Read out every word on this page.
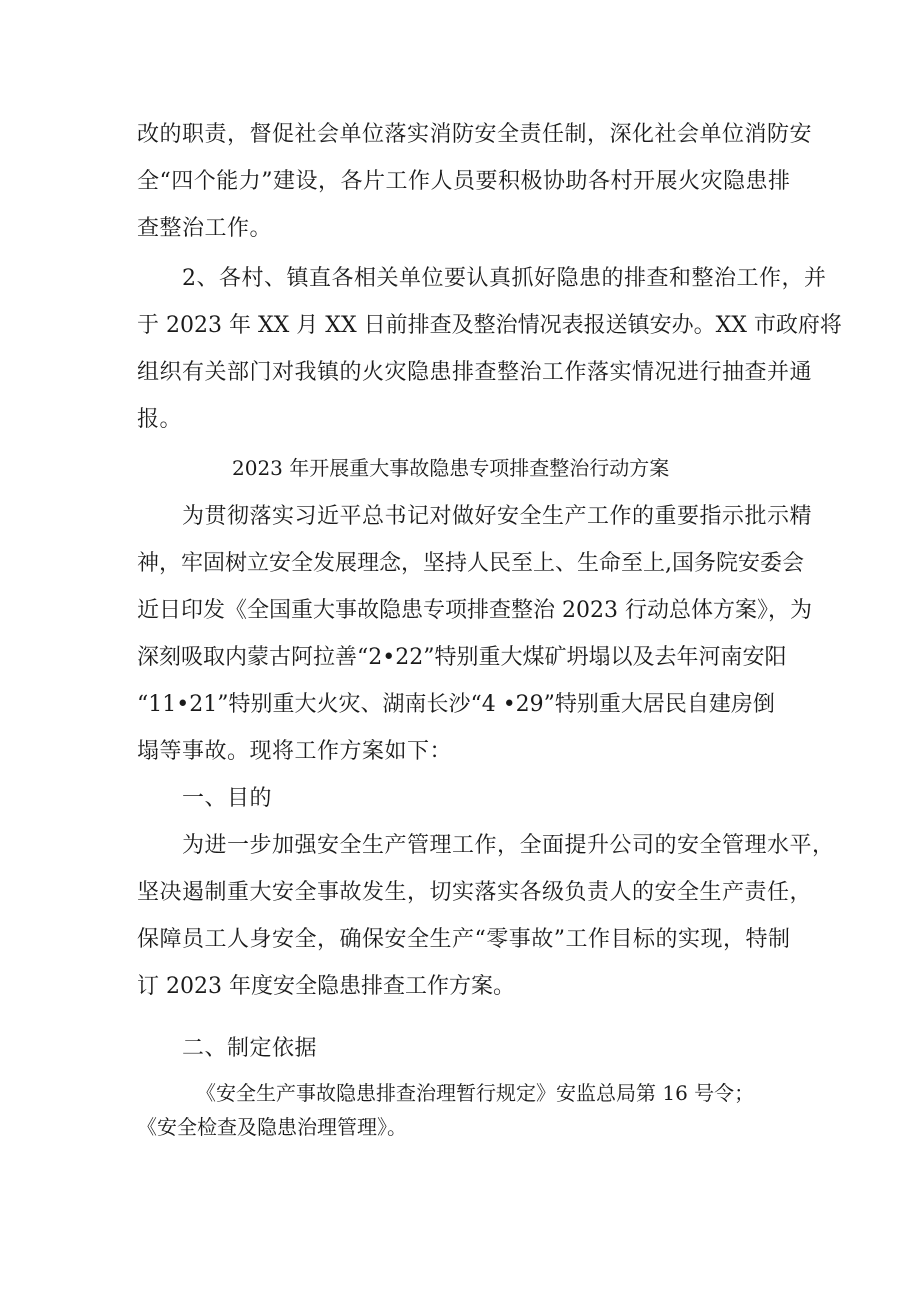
改的职责，督促社会单位落实消防安全责任制，深化社会单位消防安
全“四个能力”建设，各片工作人员要积极协助各村开展火灾隐患排
查整治工作。
2、各村、镇直各相关单位要认真抓好隐患的排查和整治工作，并
于 2023 年 XX 月 XX 日前排查及整治情况表报送镇安办。XX 市政府将
组织有关部门对我镇的火灾隐患排查整治工作落实情况进行抽查并通
报。
2023 年开展重大事故隐患专项排查整治行动方案
为贯彻落实习近平总书记对做好安全生产工作的重要指示批示精
神，牢固树立安全发展理念，坚持人民至上、生命至上,国务院安委会
近日印发《全国重大事故隐患专项排查整治 2023 行动总体方案》，为
深刻吸取内蒙古阿拉善“2•22”特别重大煤矿坍塌以及去年河南安阳
“11•21”特别重大火灾、湖南长沙“4 •29”特别重大居民自建房倒
塌等事故。现将工作方案如下：
一、目的
为进一步加强安全生产管理工作，全面提升公司的安全管理水平，
坚决遏制重大安全事故发生，切实落实各级负责人的安全生产责任，
保障员工人身安全，确保安全生产“零事故”工作目标的实现，特制
订 2023 年度安全隐患排查工作方案。
二、制定依据
《安全生产事故隐患排查治理暂行规定》安监总局第 16 号令；
《安全检查及隐患治理管理》。
